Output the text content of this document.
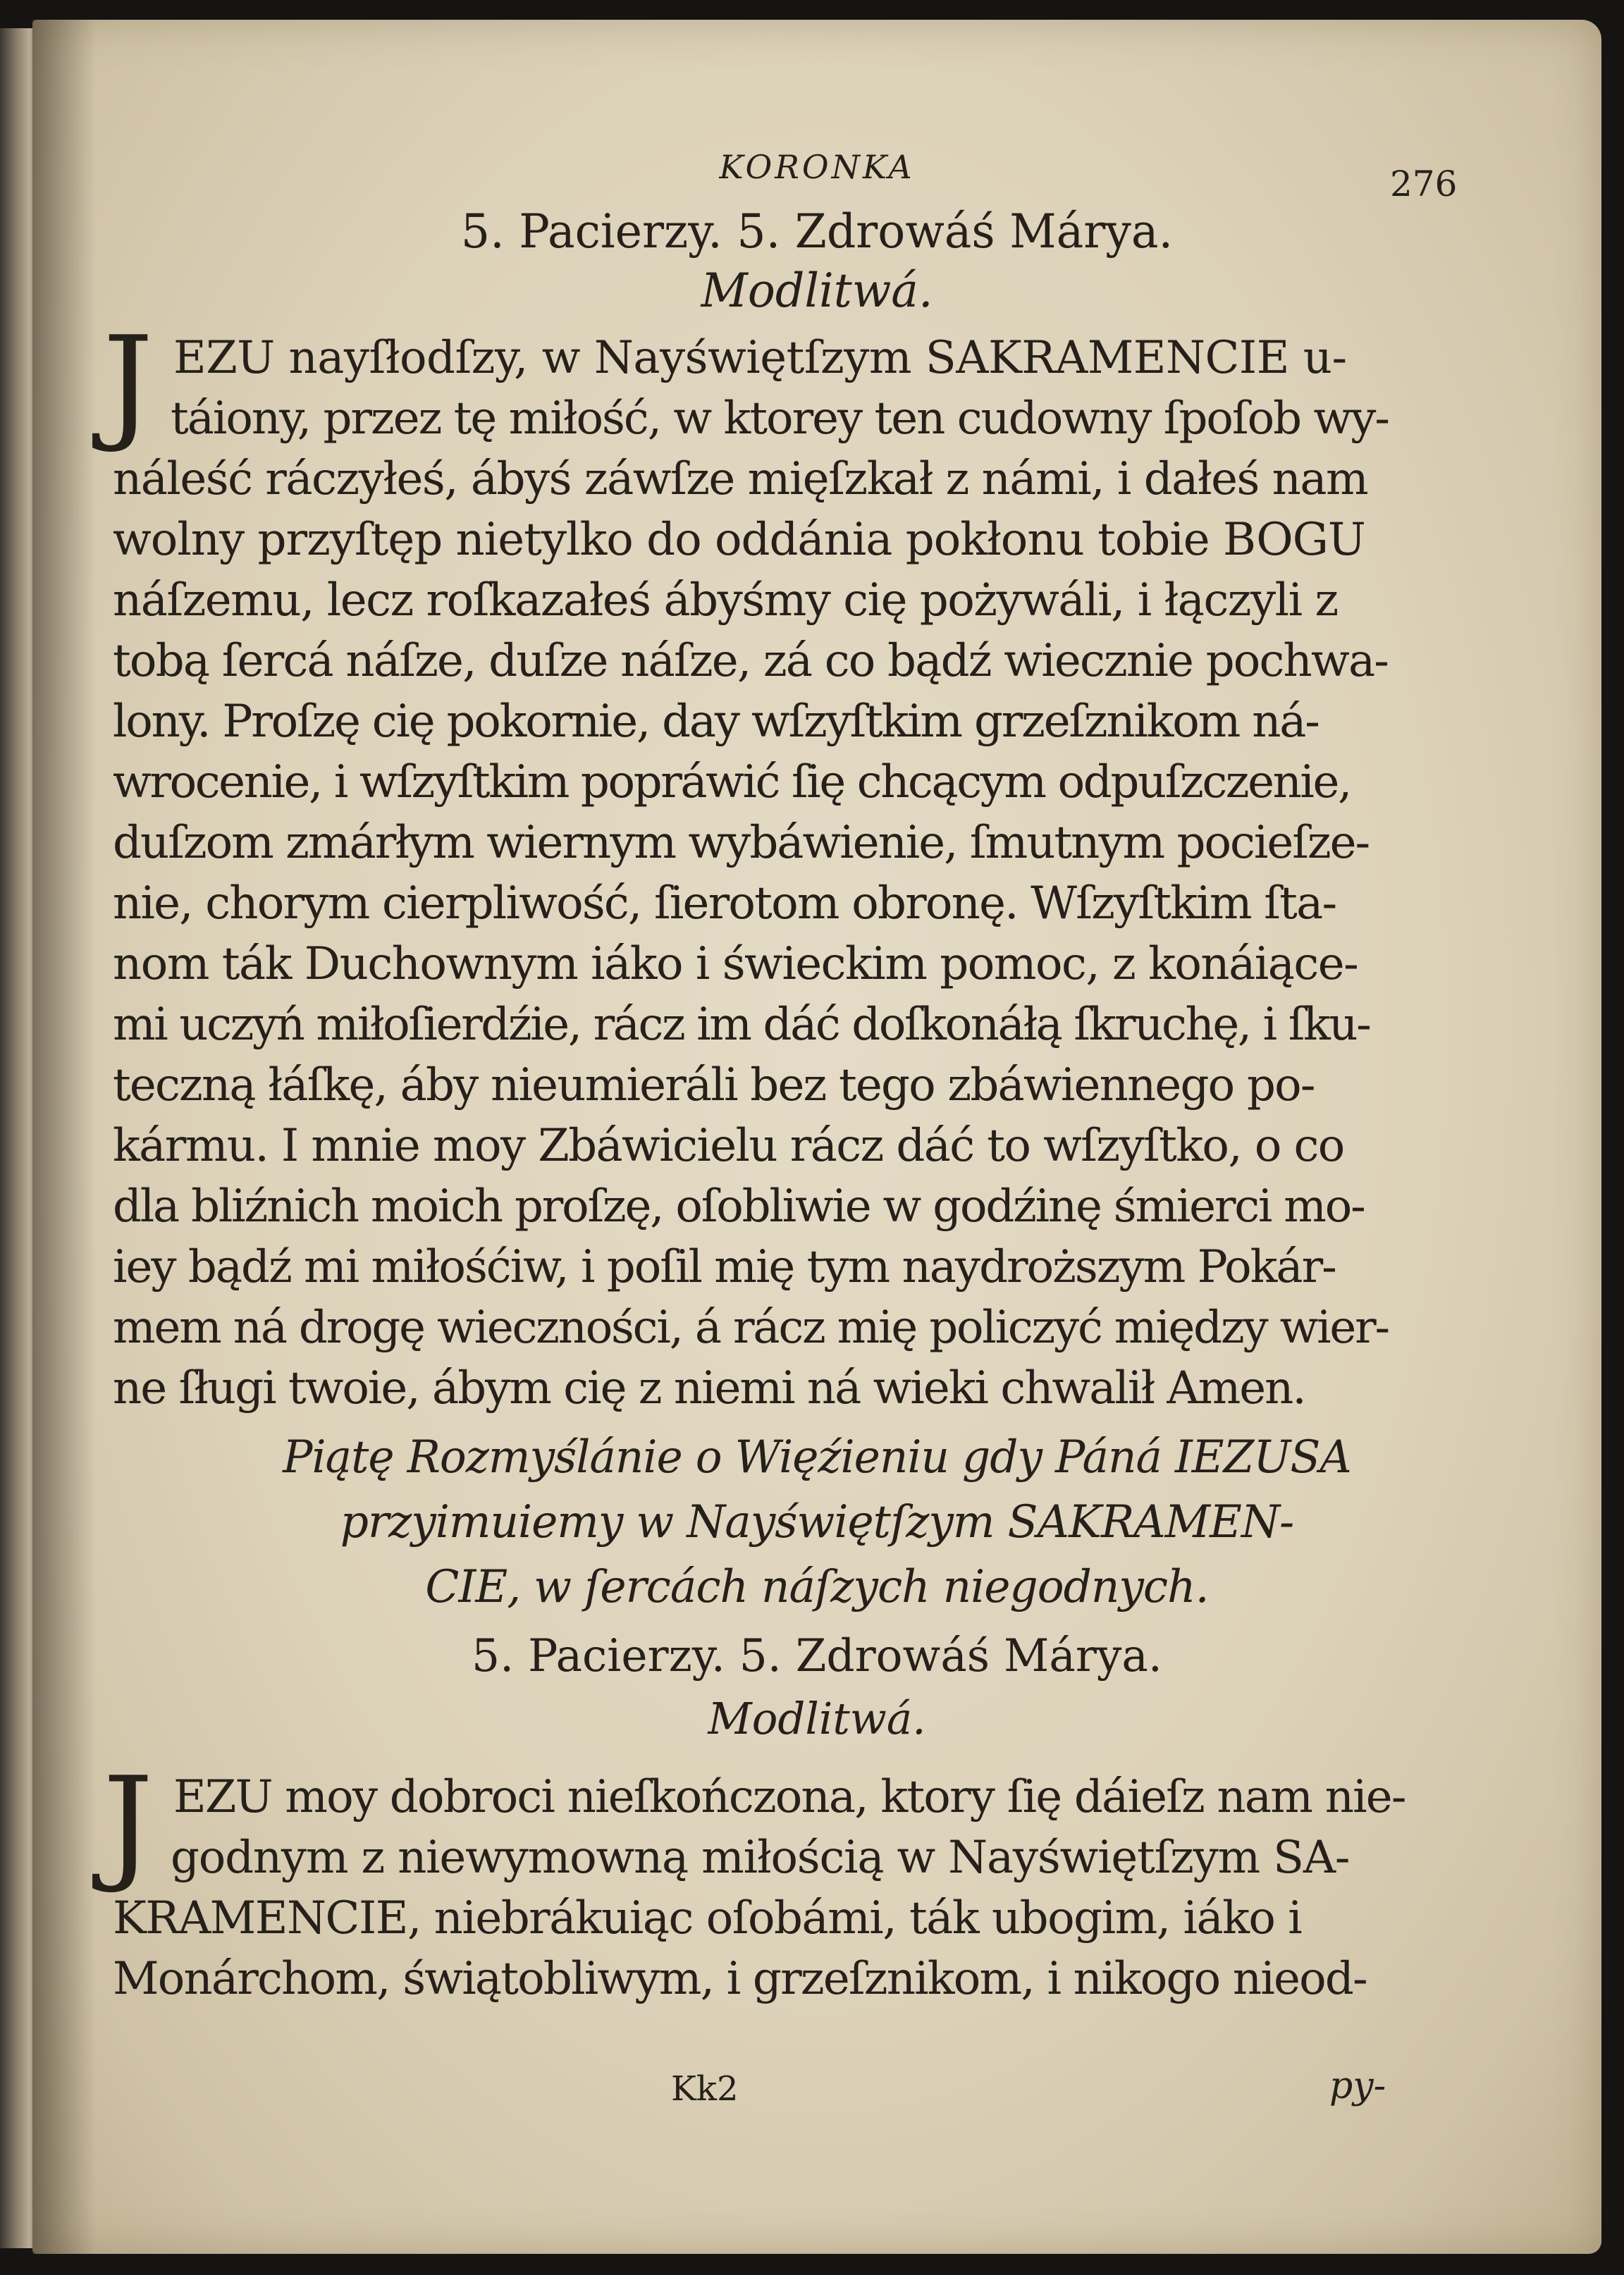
KORONKA	276
5. Pacierzy. 5. Zdrowáś Márya.
Modlitwá.
J EZU nayſłodſzy, w Nayświętſzym SAKRAMENCIE u-
táiony, przez tę miłość, w ktorey ten cudowny ſpoſob wy-
náleść ráczyłeś, ábyś záwſze mięſzkał z námi, i dałeś nam
wolny przyſtęp nietylko do oddánia pokłonu tobie BOGU
náſzemu, lecz roſkazałeś ábyśmy cię pożywáli, i łączyli z
tobą ſercá náſze, duſze náſze, zá co bądź wiecznie pochwa-
lony. Proſzę cię pokornie, day wſzyſtkim grzeſznikom ná-
wrocenie, i wſzyſtkim popráwić ſię chcącym odpuſzczenie,
duſzom zmárłym wiernym wybáwienie, ſmutnym pocieſze-
nie, chorym cierpliwość, ſierotom obronę. Wſzyſtkim ſta-
nom ták Duchownym iáko i świeckim pomoc, z konáiące-
mi uczyń miłoſierdźie, rácz im dáć doſkonáłą ſkruchę, i ſku-
teczną łáſkę, áby nieumieráli bez tego zbáwiennego po-
kármu. I mnie moy Zbáwicielu rácz dáć to wſzyſtko, o co
dla bliźnich moich proſzę, oſobliwie w godźinę śmierci mo-
iey bądź mi miłośćiw, i poſil mię tym naydroższym Pokár-
mem ná drogę wieczności, á rácz mię policzyć między wier-
ne ſługi twoie, ábym cię z niemi ná wieki chwalił Amen.
Piątę Rozmyślánie o Więźieniu gdy Páná IEZUSA
przyimuiemy w Nayświętſzym SAKRAMEN-
CIE, w ſercách náſzych niegodnych.
5. Pacierzy. 5. Zdrowáś Márya.
Modlitwá.
J EZU moy dobroci nieſkończona, ktory ſię dáieſz nam nie-
godnym z niewymowną miłością w Nayświętſzym SA-
KRAMENCIE, niebrákuiąc oſobámi, ták ubogim, iáko i
Monárchom, świątobliwym, i grzeſznikom, i nikogo nieod-
Kk2	py-
